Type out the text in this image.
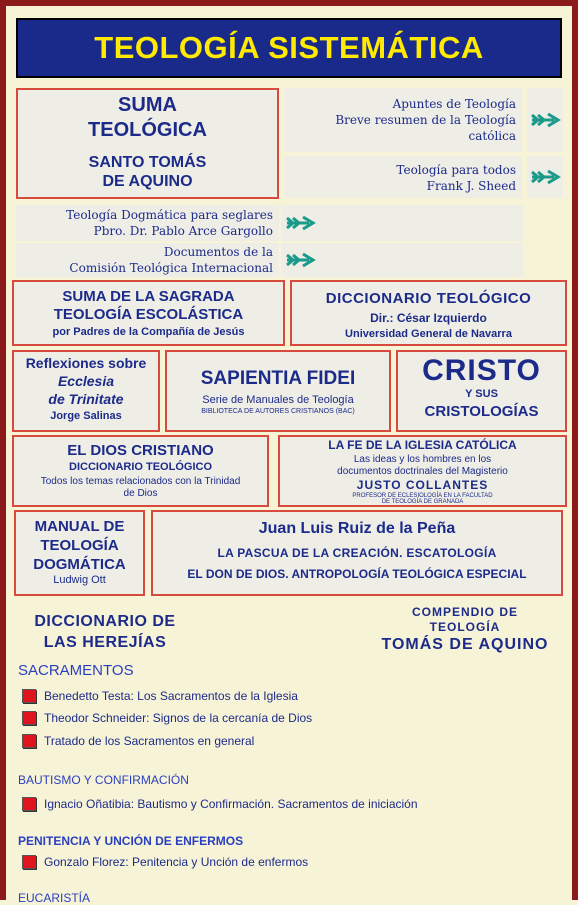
TEOLOGÍA SISTEMÁTICA
SUMA
TEOLÓGICA
SANTO TOMÁS
DE AQUINO
Apuntes de Teología
Breve resumen de la Teología
católica
Teología para todos
Frank J. Sheed
Teología Dogmática para seglares
Pbro. Dr. Pablo Arce Gargollo
Documentos de la
Comisión Teológica Internacional
SUMA DE LA SAGRADA
TEOLOGÍA ESCOLÁSTICA
por Padres de la Compañía de Jesús
DICCIONARIO TEOLÓGICO
Dir.: César Izquierdo
Universidad General de Navarra
Reflexiones sobre
Ecclesia
de Trinitate
Jorge Salinas
SAPIENTIA FIDEI
Serie de Manuales de Teología
BIBLIOTECA DE AUTORES CRISTIANOS (BAC)
CRISTO
Y SUS
CRISTOLOGÍAS
EL DIOS CRISTIANO
DICCIONARIO TEOLÓGICO
Todos los temas relacionados con la Trinidad
de Dios
LA FE DE LA IGLESIA CATÓLICA
Las ideas y los hombres en los
documentos doctrinales del Magisterio
JUSTO COLLANTES
PROFESOR DE ECLESIOLOGÍA EN LA FACULTAD
DE TEOLOGÍA DE GRANADA
MANUAL DE
TEOLOGÍA
DOGMÁTICA
Ludwig Ott
Juan Luis Ruiz de la Peña
LA PASCUA DE LA CREACIÓN. ESCATOLOGÍA
EL DON DE DIOS. ANTROPOLOGÍA TEOLÓGICA ESPECIAL
DICCIONARIO DE
LAS HEREJÍAS
COMPENDIO DE
TEOLOGÍA
TOMÁS DE AQUINO
SACRAMENTOS
Benedetto Testa: Los Sacramentos de la Iglesia
Theodor Schneider: Signos de la cercanía de Dios
Tratado de los Sacramentos en general
BAUTISMO Y CONFIRMACIÓN
Ignacio Oñatibia: Bautismo y Confirmación. Sacramentos de iniciación
PENITENCIA Y UNCIÓN DE ENFERMOS
Gonzalo Florez: Penitencia y Unción de enfermos
EUCARISTÍA
